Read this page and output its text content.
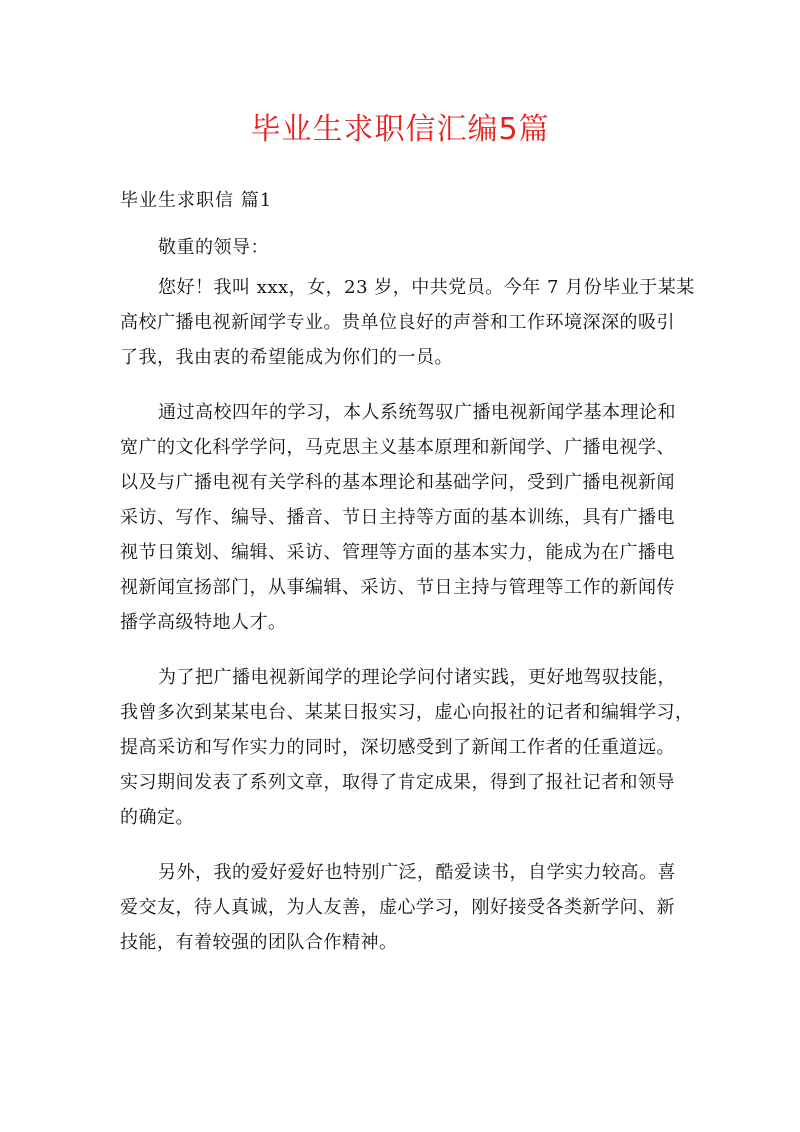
毕业生求职信汇编5篇
毕业生求职信 篇1
敬重的领导：
您好！我叫 xxx，女，23 岁，中共党员。今年 7 月份毕业于某某
高校广播电视新闻学专业。贵单位良好的声誉和工作环境深深的吸引
了我，我由衷的希望能成为你们的一员。
通过高校四年的学习，本人系统驾驭广播电视新闻学基本理论和
宽广的文化科学学问，马克思主义基本原理和新闻学、广播电视学、
以及与广播电视有关学科的基本理论和基础学问，受到广播电视新闻
采访、写作、编导、播音、节日主持等方面的基本训练，具有广播电
视节日策划、编辑、采访、管理等方面的基本实力，能成为在广播电
视新闻宣扬部门，从事编辑、采访、节日主持与管理等工作的新闻传
播学高级特地人才。
为了把广播电视新闻学的理论学问付诸实践，更好地驾驭技能，
我曾多次到某某电台、某某日报实习，虚心向报社的记者和编辑学习，
提高采访和写作实力的同时，深切感受到了新闻工作者的任重道远。
实习期间发表了系列文章，取得了肯定成果，得到了报社记者和领导
的确定。
另外，我的爱好爱好也特别广泛，酷爱读书，自学实力较高。喜
爱交友，待人真诚，为人友善，虚心学习，刚好接受各类新学问、新
技能，有着较强的团队合作精神。
